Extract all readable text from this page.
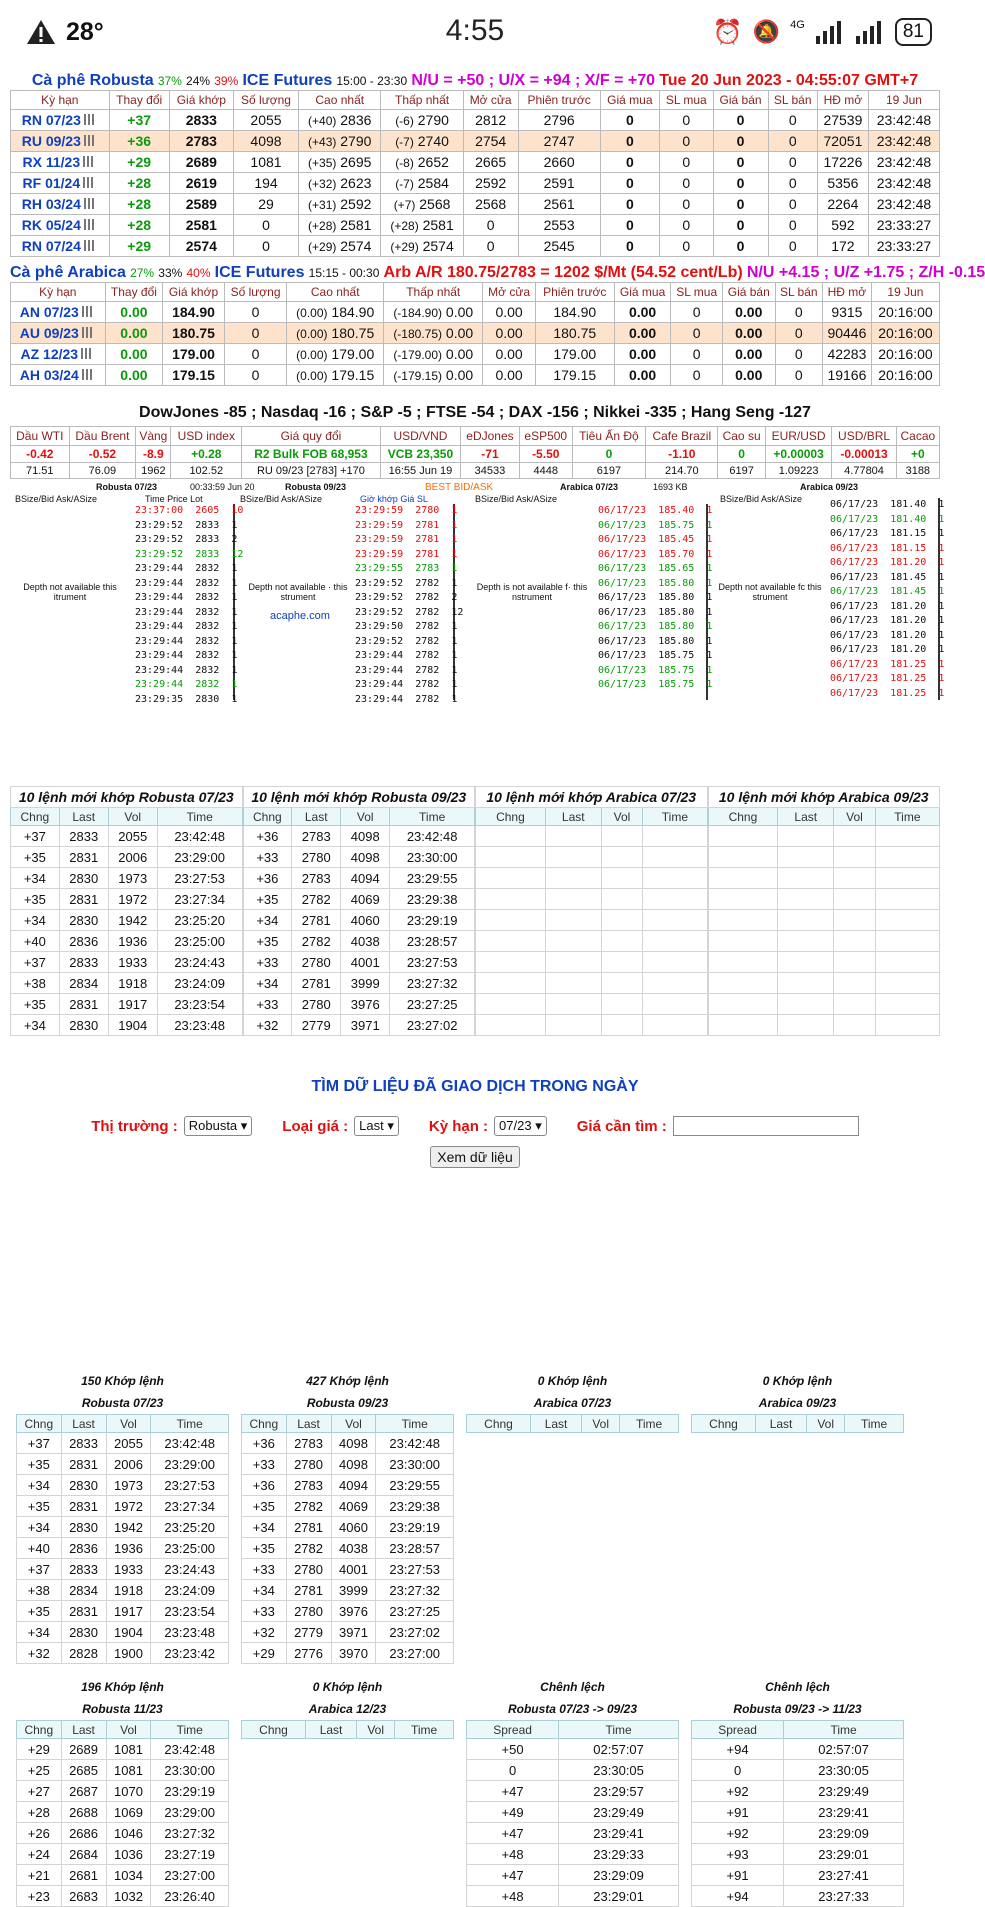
28°	4:55	⏰ 🔕 4G	81
Cà phê Robusta 37% 24% 39% ICE Futures 15:00 - 23:30 N/U = +50 ; U/X = +94 ; X/F = +70 Tue 20 Jun 2023 - 04:55:07 GMT+7
Kỳ hạn	Thay đổi	Giá khớp	Số lượng	Cao nhất	Thấp nhất	Mở cửa	Phiên trước	Giá mua	SL mua	Giá bán	SL bán	HĐ mở	19 Jun
RN 07/23	+37	2833	2055	(+40) 2836	(-6) 2790	2812	2796	0	0	0	0	27539	23:42:48
RU 09/23	+36	2783	4098	(+43) 2790	(-7) 2740	2754	2747	0	0	0	0	72051	23:42:48
RX 11/23	+29	2689	1081	(+35) 2695	(-8) 2652	2665	2660	0	0	0	0	17226	23:42:48
RF 01/24	+28	2619	194	(+32) 2623	(-7) 2584	2592	2591	0	0	0	0	5356	23:42:48
RH 03/24	+28	2589	29	(+31) 2592	(+7) 2568	2568	2561	0	0	0	0	2264	23:42:48
RK 05/24	+28	2581	0	(+28) 2581	(+28) 2581	0	2553	0	0	0	0	592	23:33:27
RN 07/24	+29	2574	0	(+29) 2574	(+29) 2574	0	2545	0	0	0	0	172	23:33:27
Cà phê Arabica 27% 33% 40% ICE Futures 15:15 - 00:30 Arb A/R 180.75/2783 = 1202 $/Mt (54.52 cent/Lb) N/U +4.15 ; U/Z +1.75 ; Z/H -0.15
Kỳ hạn	Thay đổi	Giá khớp	Số lượng	Cao nhất	Thấp nhất	Mở cửa	Phiên trước	Giá mua	SL mua	Giá bán	SL bán	HĐ mở	19 Jun
AN 07/23	0.00	184.90	0	(0.00) 184.90	(-184.90) 0.00	0.00	184.90	0.00	0	0.00	0	9315	20:16:00
AU 09/23	0.00	180.75	0	(0.00) 180.75	(-180.75) 0.00	0.00	180.75	0.00	0	0.00	0	90446	20:16:00
AZ 12/23	0.00	179.00	0	(0.00) 179.00	(-179.00) 0.00	0.00	179.00	0.00	0	0.00	0	42283	20:16:00
AH 03/24	0.00	179.15	0	(0.00) 179.15	(-179.15) 0.00	0.00	179.15	0.00	0	0.00	0	19166	20:16:00
DowJones -85 ; Nasdaq -16 ; S&P -5 ; FTSE -54 ; DAX -156 ; Nikkei -335 ; Hang Seng -127
Dầu WTI	Dầu Brent	Vàng	USD index	Giá quy đổi	USD/VND	eDJones	eSP500	Tiêu Ấn Độ	Cafe Brazil	Cao su	EUR/USD	USD/BRL	Cacao
-0.42	-0.52	-8.9	+0.28	R2 Bulk FOB 68,953	VCB 23,350	-71	-5.50	0	-1.10	0	+0.00003	-0.00013	+0
71.51	76.09	1962	102.52	RU 09/23 [2783] +170	16:55 Jun 19	34533	4448	6197	214.70	6197	1.09223	4.77804	3188
Robusta 07/23	00:33:59 Jun 20	Robusta 09/23	BEST BID/ASK	Arabica 07/23	1693 KB	Arabica 09/23
BSize/Bid Ask/ASize	Time Price Lot	BSize/Bid Ask/ASize	Giờ khớp Giá SL	BSize/Bid Ask/ASize	BSize/Bid Ask/ASize
Depth not available this itrument
23:37:00  2605  10
23:29:52  2833  1
23:29:52  2833  2
23:29:52  2833  12
23:29:44  2832  1
23:29:44  2832  1
23:29:44  2832  1
23:29:44  2832  1
23:29:44  2832  1
23:29:44  2832  1
23:29:44  2832  1
23:29:44  2832  1
23:29:44  2832  1
23:29:35  2830  1
Depth not available · this strument
acaphe.com
23:29:59  2780  1
23:29:59  2781  1
23:29:59  2781  1
23:29:59  2781  1
23:29:55  2783  1
23:29:52  2782  1
23:29:52  2782  2
23:29:52  2782  12
23:29:50  2782  1
23:29:52  2782  1
23:29:44  2782  1
23:29:44  2782  1
23:29:44  2782  1
23:29:44  2782  1
Depth is not available f· this nstrument
06/17/23  185.40  1
06/17/23  185.75  1
06/17/23  185.45  1
06/17/23  185.70  1
06/17/23  185.65  1
06/17/23  185.80  1
06/17/23  185.80  1
06/17/23  185.80  1
06/17/23  185.80  1
06/17/23  185.80  1
06/17/23  185.75  1
06/17/23  185.75  1
06/17/23  185.75  1
Depth not available fc this strument
06/17/23  181.40  1
06/17/23  181.40  1
06/17/23  181.15  1
06/17/23  181.15  1
06/17/23  181.20  1
06/17/23  181.45  1
06/17/23  181.45  1
06/17/23  181.20  1
06/17/23  181.20  1
06/17/23  181.20  1
06/17/23  181.20  1
06/17/23  181.25  1
06/17/23  181.25  1
06/17/23  181.25  1
10 lệnh mới khớp Robusta 07/23			
Chng	Last	Vol	Time
+37	2833	2055	23:42:48
+35	2831	2006	23:29:00
+34	2830	1973	23:27:53
+35	2831	1972	23:27:34
+34	2830	1942	23:25:20
+40	2836	1936	23:25:00
+37	2833	1933	23:24:43
+38	2834	1918	23:24:09
+35	2831	1917	23:23:54
+34	2830	1904	23:23:48
10 lệnh mới khớp Robusta 09/23			
Chng	Last	Vol	Time
+36	2783	4098	23:42:48
+33	2780	4098	23:30:00
+36	2783	4094	23:29:55
+35	2782	4069	23:29:38
+34	2781	4060	23:29:19
+35	2782	4038	23:28:57
+33	2780	4001	23:27:53
+34	2781	3999	23:27:32
+33	2780	3976	23:27:25
+32	2779	3971	23:27:02
10 lệnh mới khớp Arabica 07/23			
Chng	Last	Vol	Time

10 lệnh mới khớp Arabica 09/23			
Chng	Last	Vol	Time

TÌM DỮ LIỆU ĐÃ GIAO DỊCH TRONG NGÀY
Thị trường : Robusta ▾	Loại giá : Last ▾	Kỳ hạn : 07/23 ▾	Giá cần tìm :
Xem dữ liệu
150 Khớp lệnh
Robusta 07/23
Chng	Last	Vol	Time
+37	2833	2055	23:42:48
+35	2831	2006	23:29:00
+34	2830	1973	23:27:53
+35	2831	1972	23:27:34
+34	2830	1942	23:25:20
+40	2836	1936	23:25:00
+37	2833	1933	23:24:43
+38	2834	1918	23:24:09
+35	2831	1917	23:23:54
+34	2830	1904	23:23:48
+32	2828	1900	23:23:42
427 Khớp lệnh
Robusta 09/23
Chng	Last	Vol	Time
+36	2783	4098	23:42:48
+33	2780	4098	23:30:00
+36	2783	4094	23:29:55
+35	2782	4069	23:29:38
+34	2781	4060	23:29:19
+35	2782	4038	23:28:57
+33	2780	4001	23:27:53
+34	2781	3999	23:27:32
+33	2780	3976	23:27:25
+32	2779	3971	23:27:02
+29	2776	3970	23:27:00
0 Khớp lệnh
Arabica 07/23
Chng	Last	Vol	Time
0 Khớp lệnh
Arabica 09/23
Chng	Last	Vol	Time
196 Khớp lệnh
Robusta 11/23
Chng	Last	Vol	Time
+29	2689	1081	23:42:48
+25	2685	1081	23:30:00
+27	2687	1070	23:29:19
+28	2688	1069	23:29:00
+26	2686	1046	23:27:32
+24	2684	1036	23:27:19
+21	2681	1034	23:27:00
+23	2683	1032	23:26:40
0 Khớp lệnh
Arabica 12/23
Chng	Last	Vol	Time
Chênh lệch
Robusta 07/23 -> 09/23
Spread	Time
+50	02:57:07
0	23:30:05
+47	23:29:57
+49	23:29:49
+47	23:29:41
+48	23:29:33
+47	23:29:09
+48	23:29:01
Chênh lệch
Robusta 09/23 -> 11/23
Spread	Time
+94	02:57:07
0	23:30:05
+92	23:29:49
+91	23:29:41
+92	23:29:09
+93	23:29:01
+91	23:27:41
+94	23:27:33
